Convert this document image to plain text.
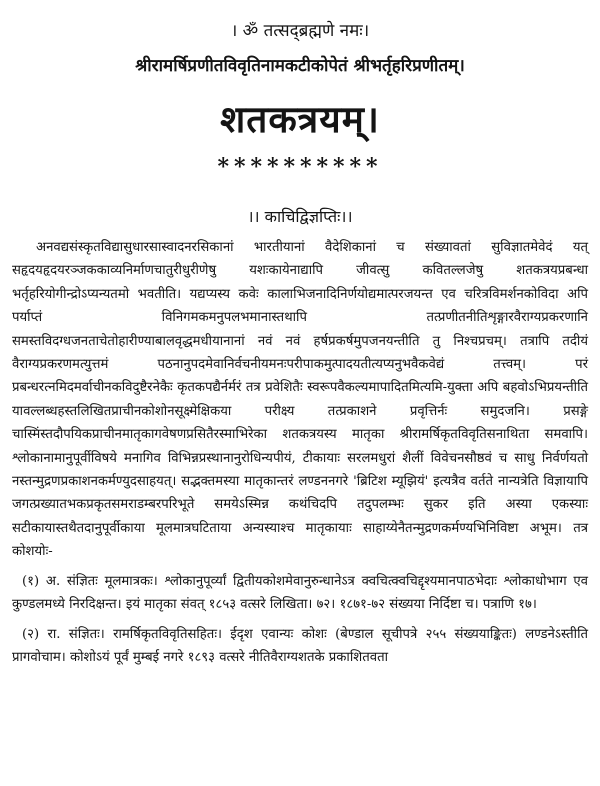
। ॐ तत्सद्ब्रह्मणे नमः।
श्रीरामर्षिप्रणीतविवृतिनामकटीकोपेतं श्रीभर्तृहरिप्रणीतम्।
शतकत्रयम्।
**********
।। काचिद्विज्ञप्तिः।।

अनवद्यसंस्कृतविद्यासुधारसास्वादनरसिकानां भारतीयानां वैदेशिकानां च संख्यावतां सुविज्ञातमेवेदं यत् सहृदयहृदयरञ्जककाव्यनिर्माणचातुरीधुरीणेषु यशःकायेनाद्यापि जीवत्सु कवितल्लजेषु शतकत्रयप्रबन्धा भर्तृहरियोगीन्द्रोऽप्यन्यतमो भवतीति। यद्यप्यस्य कवेः कालाभिजनादिनिर्णयोद्यमात्परजयन्त एव चरित्रविमर्शनकोविदा अपि पर्याप्तं विनिगमकमनुपलभमानास्तथापि तत्प्रणीतनीतिशृङ्गारवैराग्यप्रकरणानि समस्तविदग्धजनताचेतोहारीण्याबालवृद्धमधीयानानां नवं नवं हर्षप्रकर्षमुपजनयन्तीति तु निश्चप्रचम्। तत्रापि तदीयं वैराग्यप्रकरणमत्युत्तमं पठनानुपदमेवानिर्वचनीयमनःपरीपाकमुत्पादयतीत्यप्यनुभवैकवेद्यं तत्त्वम्। परं प्रबन्धरत्नमिदमर्वाचीनकविदुष्टैरनेकैः कृतकपद्यैर्नर्मरं तत्र प्रवेशितैः स्वरूपवैकल्यमापादितमित्यमि-युक्ता अपि बहवोऽभिप्रयन्तीति यावल्लब्धहस्तलिखितप्राचीनकोशोनसूक्ष्मेक्षिकया परीक्ष्य तत्प्रकाशने प्रवृत्तिर्नः समुदजनि। प्रसङ्गे चास्मिंस्तदौपयिकप्राचीनमातृकागवेषणप्रसितैरस्माभिरेका शतकत्रयस्य मातृका श्रीरामर्षिकृतविवृतिसनाथिता समवापि। श्लोकानामानुपूर्वीविषये मनागिव विभिन्नप्रस्थानानुरोधिन्यपीयं, टीकायाः सरलमधुरां शैलीं विवेचनसौष्ठवं च साधु निर्वर्णयतो नस्तन्मुद्रणप्रकाशनकर्मण्युदसाहयत्। सद्भक्तमस्या मातृकान्तरं लण्डननगरे 'ब्रिटिश म्यूझियं' इत्यत्रैव वर्तते नान्यत्रेति विज्ञायापि जगत्प्रख्यातभकप्रकृतसमराडम्बरपरिभूते समयेऽस्मिन्न कथंचिदपि तदुपलम्भः सुकर इति अस्या एकस्याः सटीकायास्तथैतदानुपूर्वीकाया मूलमात्रघटिताया अन्यस्याश्च मातृकायाः साहाय्येनैतन्मुद्रणकर्मण्यभिनिविष्टा अभूम। तत्र कोशयोः-

(१) अ. संज्ञितः मूलमात्रकः। श्लोकानुपूर्व्यां द्वितीयकोशमेवानुरुन्धानेऽत्र क्वचित्क्वचिद्दृश्यमानपाठभेदाः श्लोकाधोभाग एव कुण्डलमध्ये निरदिक्षन्त। इयं मातृका संवत् १८५३ वत्सरे लिखिता। ७२। १८७१-७२ संख्यया निर्दिष्टा च। पत्राणि १७।

(२) रा. संज्ञितः। रामर्षिकृतविवृतिसहितः। ईदृश एवान्यः कोशः (बेण्डाल सूचीपत्रे २५५ संख्ययाङ्कितः) लण्डनेऽस्तीति प्रागवोचाम। कोशोऽयं पूर्वं मुम्बई नगरे १८९३ वत्सरे नीतिवैराग्यशतके प्रकाशितवता
